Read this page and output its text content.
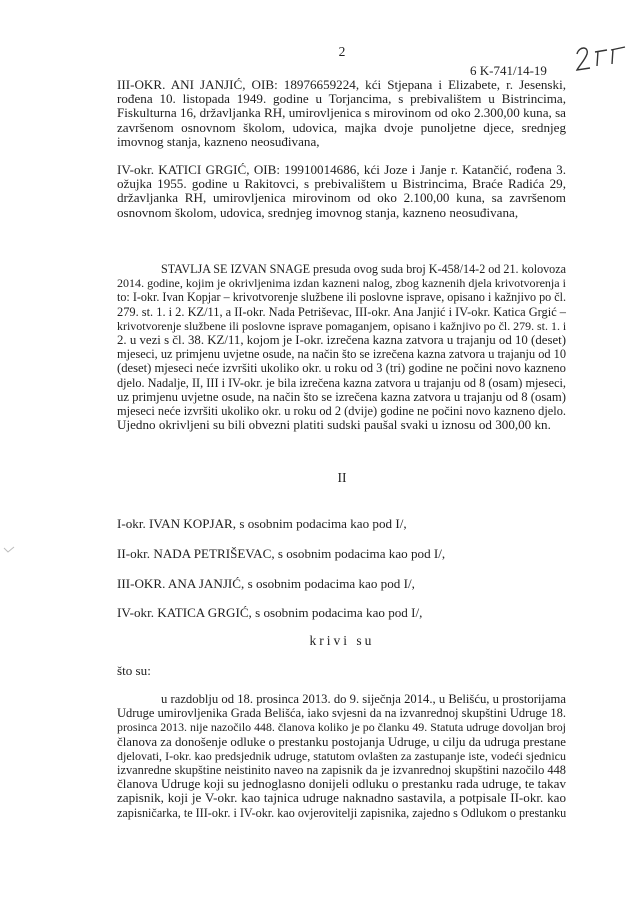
2
6 K-741/14-19
III-OKR. ANI JANJIĆ, OIB: 18976659224, kći Stjepana i Elizabete, r. Jesenski,
rođena 10. listopada 1949. godine u Torjancima, s prebivalištem u Bistrincima,
Fiskulturna 16, državljanka RH, umirovljenica s mirovinom od oko 2.300,00 kuna, sa
završenom osnovnom školom, udovica, majka dvoje punoljetne djece, srednjeg
imovnog stanja, kazneno neosuđivana,
IV-okr. KATICI GRGIĆ, OIB: 19910014686, kći Joze i Janje r. Katančić, rođena 3.
ožujka 1955. godine u Rakitovci, s prebivalištem u Bistrincima, Braće Radića 29,
državljanka RH, umirovljenica mirovinom od oko 2.100,00 kuna, sa završenom
osnovnom školom, udovica, srednjeg imovnog stanja, kazneno neosuđivana,
STAVLJA SE IZVAN SNAGE presuda ovog suda broj K-458/14-2 od 21. kolovoza
2014. godine, kojim je okrivljenima izdan kazneni nalog, zbog kaznenih djela krivotvorenja i
to: I-okr. Ivan Kopjar – krivotvorenje službene ili poslovne isprave, opisano i kažnjivo po čl.
279. st. 1. i 2. KZ/11, a II-okr. Nada Petriševac, III-okr. Ana Janjić i IV-okr. Katica Grgić –
krivotvorenje službene ili poslovne isprave pomaganjem, opisano i kažnjivo po čl. 279. st. 1. i
2. u vezi s čl. 38. KZ/11, kojom je I-okr. izrečena kazna zatvora u trajanju od 10 (deset)
mjeseci, uz primjenu uvjetne osude, na način što se izrečena kazna zatvora u trajanju od 10
(deset) mjeseci neće izvršiti ukoliko okr. u roku od 3 (tri) godine ne počini novo kazneno
djelo. Nadalje, II, III i IV-okr. je bila izrečena kazna zatvora u trajanju od 8 (osam) mjeseci,
uz primjenu uvjetne osude, na način što se izrečena kazna zatvora u trajanju od 8 (osam)
mjeseci neće izvršiti ukoliko okr. u roku od 2 (dvije) godine ne počini novo kazneno djelo.
Ujedno okrivljeni su bili obvezni platiti sudski paušal svaki u iznosu od 300,00 kn.
II
I-okr. IVAN KOPJAR, s osobnim podacima kao pod I/,
II-okr. NADA PETRIŠEVAC, s osobnim podacima kao pod I/,
III-OKR. ANA JANJIĆ, s osobnim podacima kao pod I/,
IV-okr. KATICA GRGIĆ, s osobnim podacima kao pod I/,
krivi su
što su:
u razdoblju od 18. prosinca 2013. do 9. siječnja 2014., u Belišću, u prostorijama
Udruge umirovljenika Grada Belišća, iako svjesni da na izvanrednoj skupštini Udruge 18.
prosinca 2013. nije nazočilo 448. članova koliko je po članku 49. Statuta udruge dovoljan broj
članova za donošenje odluke o prestanku postojanja Udruge, u cilju da udruga prestane
djelovati, I-okr. kao predsjednik udruge, statutom ovlašten za zastupanje iste, vodeći sjednicu
izvanredne skupštine neistinito naveo na zapisnik da je izvanrednoj skupštini nazočilo 448
članova Udruge koji su jednoglasno donijeli odluku o prestanku rada udruge, te takav
zapisnik, koji je V-okr. kao tajnica udruge naknadno sastavila, a potpisale II-okr. kao
zapisničarka, te III-okr. i IV-okr. kao ovjerovitelji zapisnika, zajedno s Odlukom o prestanku
